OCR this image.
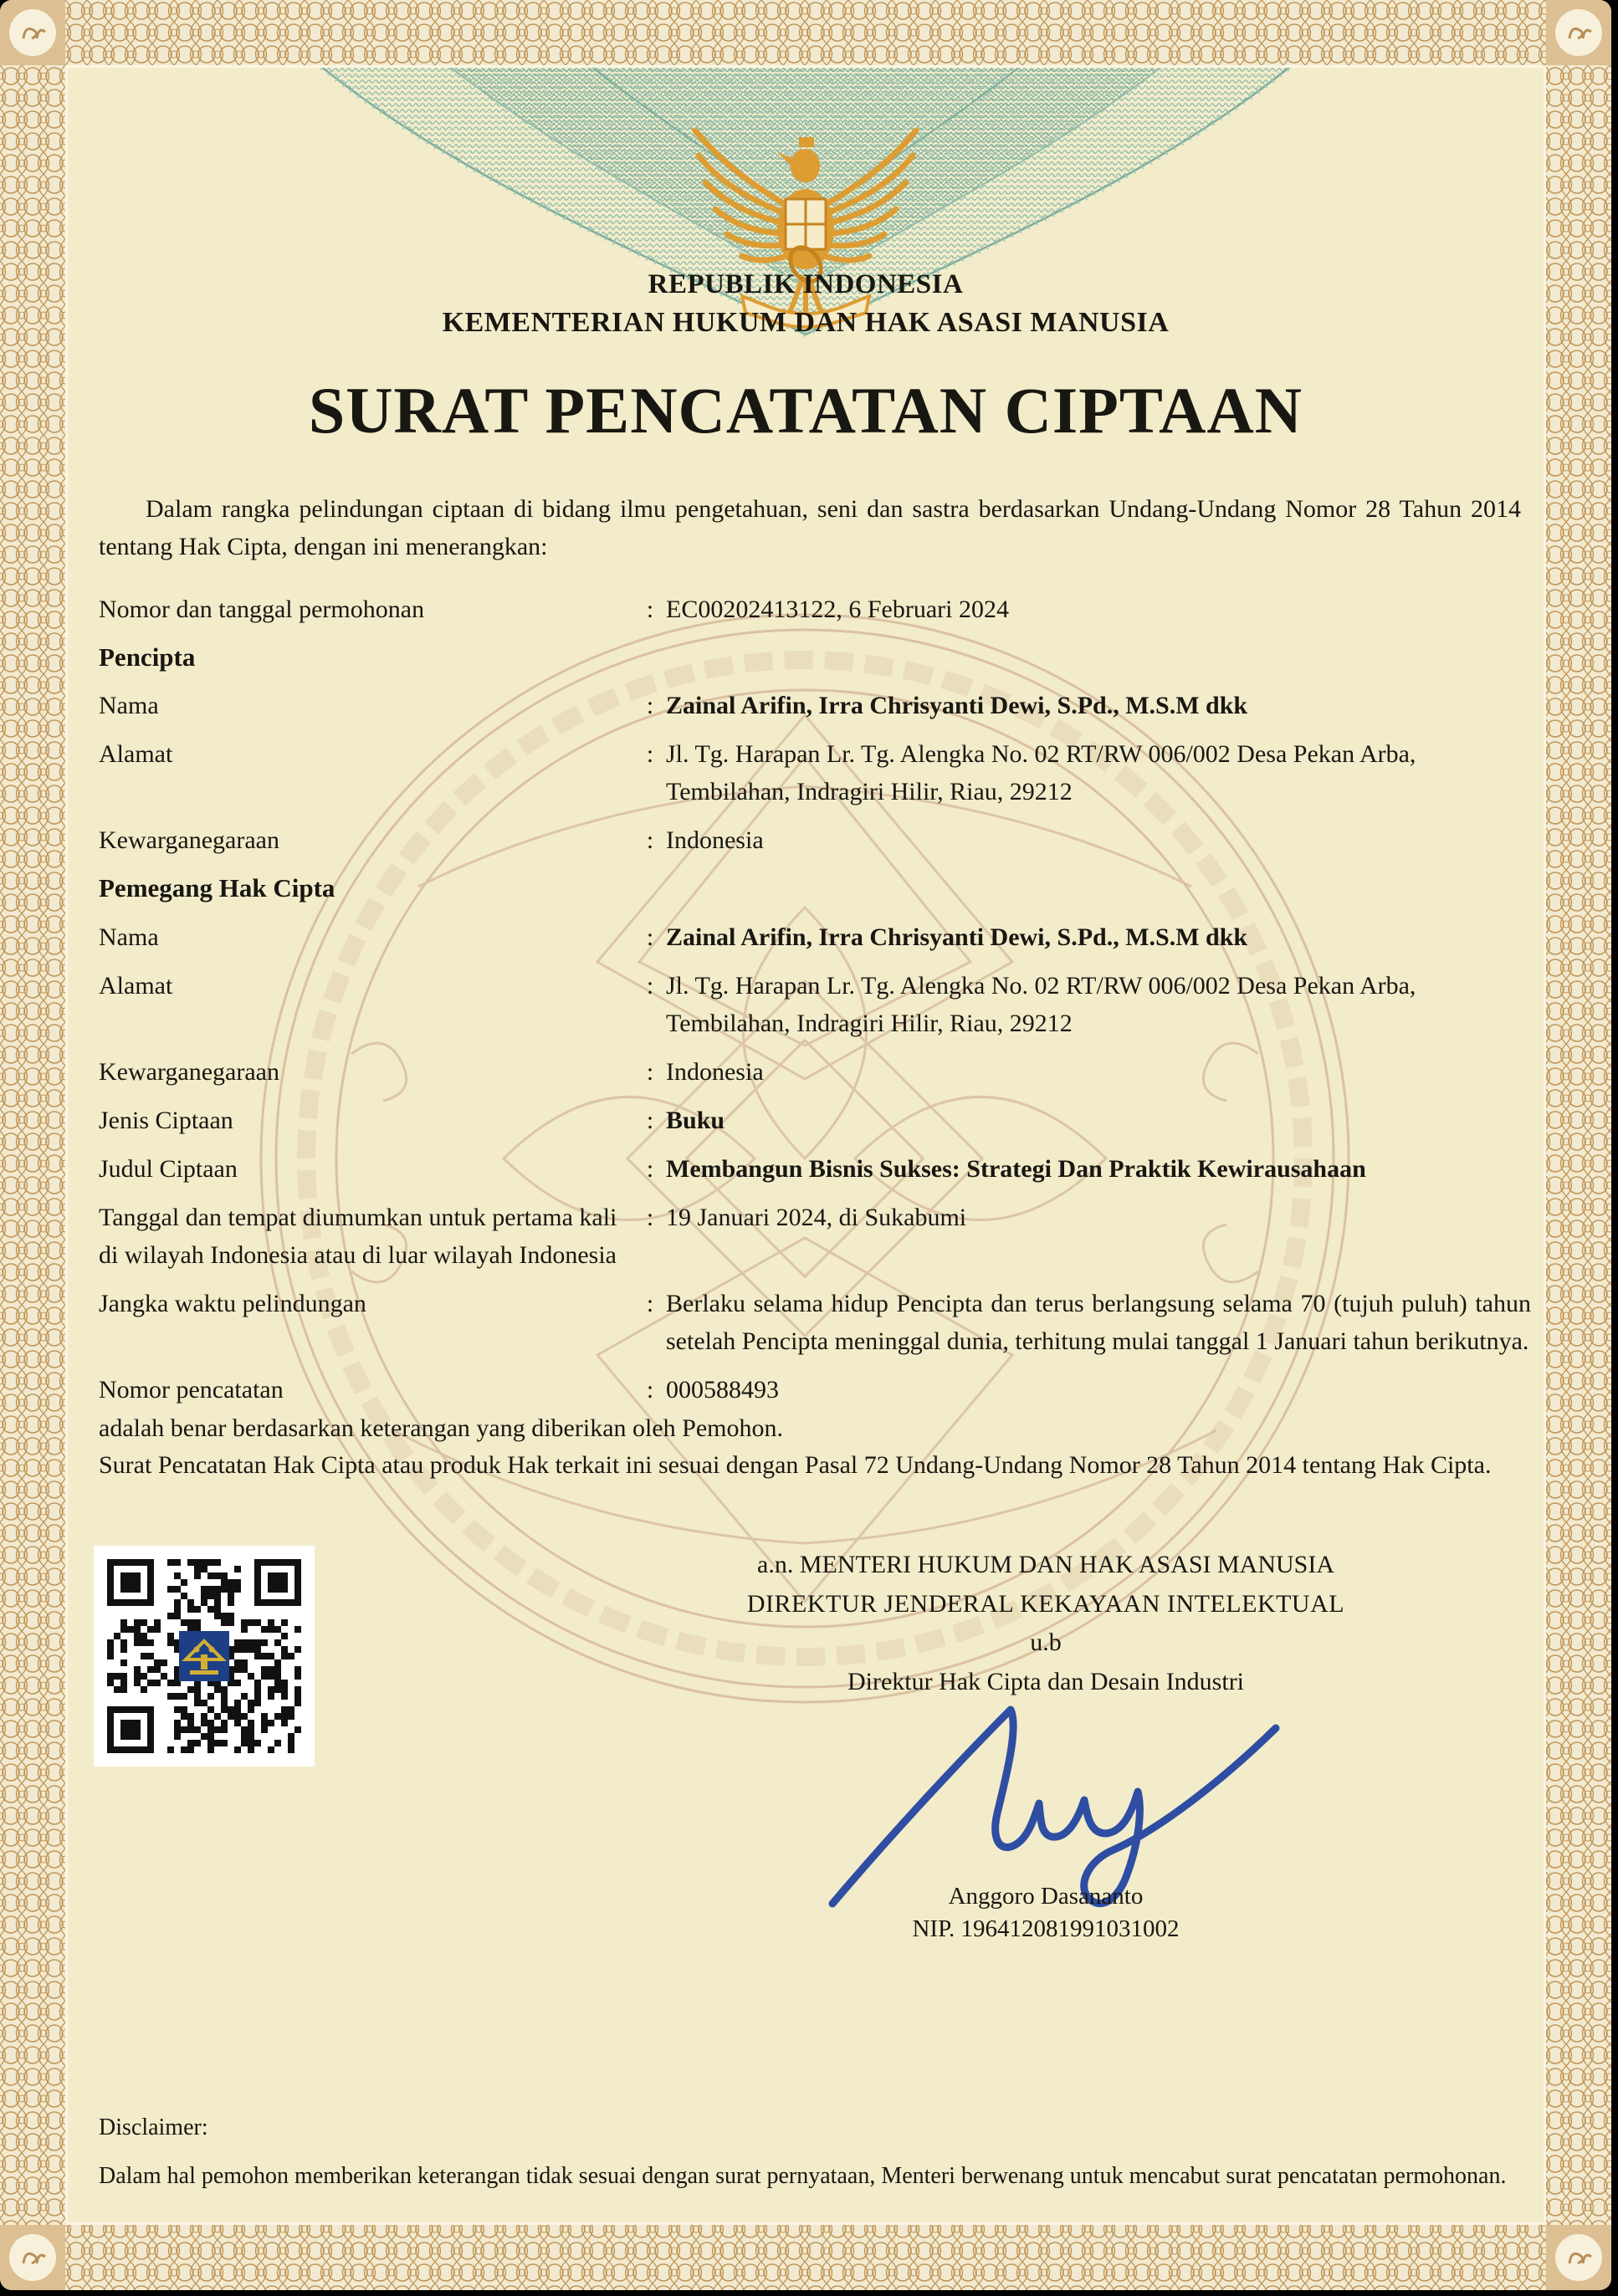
REPUBLIK INDONESIA
KEMENTERIAN HUKUM DAN HAK ASASI MANUSIA
SURAT PENCATATAN CIPTAAN
Dalam rangka pelindungan ciptaan di bidang ilmu pengetahuan, seni dan sastra berdasarkan Undang-Undang Nomor 28 Tahun 2014 tentang Hak Cipta, dengan ini menerangkan:
Nomor dan tanggal permohonan	: EC00202413122, 6 Februari 2024
Pencipta
Nama	: Zainal Arifin, Irra Chrisyanti Dewi, S.Pd., M.S.M dkk
Alamat	: Jl. Tg. Harapan Lr. Tg. Alengka No. 02 RT/RW 006/002 Desa Pekan Arba, Tembilahan, Indragiri Hilir, Riau, 29212
Kewarganegaraan	: Indonesia
Pemegang Hak Cipta
Nama	: Zainal Arifin, Irra Chrisyanti Dewi, S.Pd., M.S.M dkk
Alamat	: Jl. Tg. Harapan Lr. Tg. Alengka No. 02 RT/RW 006/002 Desa Pekan Arba, Tembilahan, Indragiri Hilir, Riau, 29212
Kewarganegaraan	: Indonesia
Jenis Ciptaan	: Buku
Judul Ciptaan	: Membangun Bisnis Sukses: Strategi Dan Praktik Kewirausahaan
Tanggal dan tempat diumumkan untuk pertama kali di wilayah Indonesia atau di luar wilayah Indonesia
: 19 Januari 2024, di Sukabumi
Jangka waktu pelindungan	: Berlaku selama hidup Pencipta dan terus berlangsung selama 70 (tujuh puluh) tahun setelah Pencipta meninggal dunia, terhitung mulai tanggal 1 Januari tahun berikutnya.
Nomor pencatatan	: 000588493
adalah benar berdasarkan keterangan yang diberikan oleh Pemohon.
Surat Pencatatan Hak Cipta atau produk Hak terkait ini sesuai dengan Pasal 72 Undang-Undang Nomor 28 Tahun 2014 tentang Hak Cipta.
a.n. MENTERI HUKUM DAN HAK ASASI MANUSIA
DIREKTUR JENDERAL KEKAYAAN INTELEKTUAL
u.b
Direktur Hak Cipta dan Desain Industri
Anggoro Dasananto
NIP. 196412081991031002
Disclaimer:
Dalam hal pemohon memberikan keterangan tidak sesuai dengan surat pernyataan, Menteri berwenang untuk mencabut surat pencatatan permohonan.
